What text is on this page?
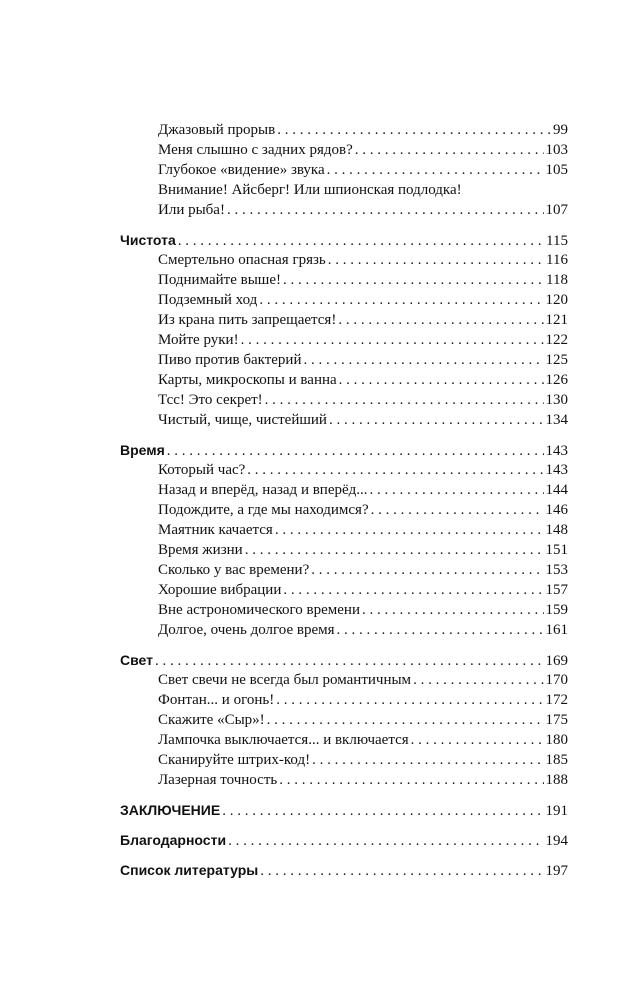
Джазовый прорыв . . .	99
Меня слышно с задних рядов? . . .	103
Глубокое «видение» звука . . .	105
Внимание! Айсберг! Или шпионская подлодка!
Или рыба! . . .	107
Чистота . . .	115
Смертельно опасная грязь . . .	116
Поднимайте выше! . . .	118
Подземный ход . . .	120
Из крана пить запрещается! . . .	121
Мойте руки! . . .	122
Пиво против бактерий . . .	125
Карты, микроскопы и ванна . . .	126
Тсс! Это секрет! . . .	130
Чистый, чище, чистейший . . .	134
Время . . .	143
Который час? . . .	143
Назад и вперёд, назад и вперёд... . . .	144
Подождите, а где мы находимся? . . .	146
Маятник качается . . .	148
Время жизни . . .	151
Сколько у вас времени? . . .	153
Хорошие вибрации . . .	157
Вне астрономического времени . . .	159
Долгое, очень долгое время . . .	161
Свет . . .	169
Свет свечи не всегда был романтичным . . .	170
Фонтан... и огонь! . . .	172
Скажите «Сыр»! . . .	175
Лампочка выключается... и включается . . .	180
Сканируйте штрих-код! . . .	185
Лазерная точность . . .	188
ЗАКЛЮЧЕНИЕ . . .	191
Благодарности . . .	194
Список литературы . . .	197
